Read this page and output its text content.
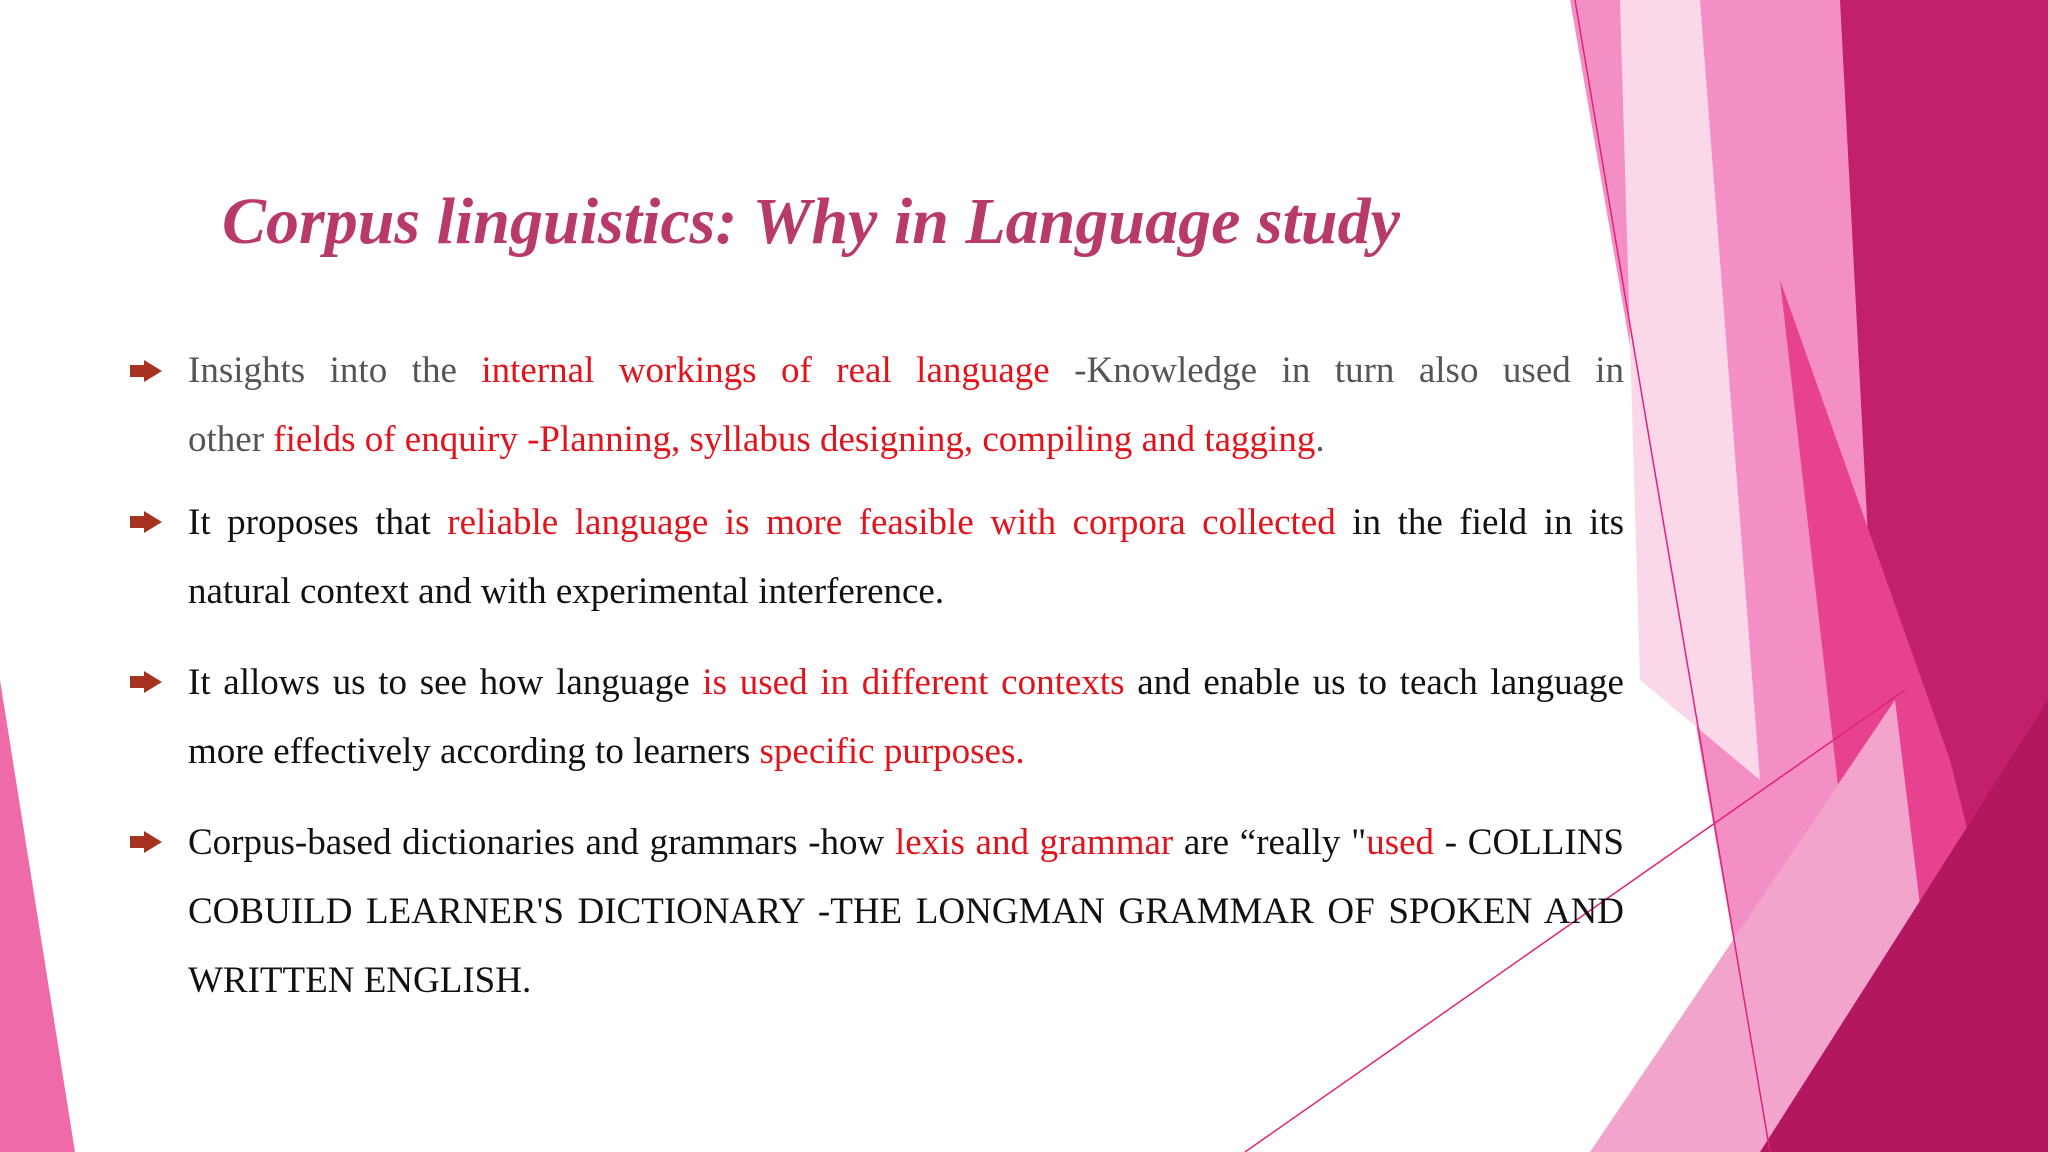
Corpus linguistics: Why in Language study
Insights into the internal workings of real language -Knowledge in turn also used in
other fields of enquiry -Planning, syllabus designing, compiling and tagging.
It proposes that reliable language is more feasible with corpora collected in the field in its natural context and with experimental interference.
It allows us to see how language is used in different contexts and enable us to teach language more effectively according to learners specific purposes.
Corpus-based dictionaries and grammars -how lexis and grammar are “really "used - COLLINS COBUILD LEARNER'S DICTIONARY -THE LONGMAN GRAMMAR OF SPOKEN AND WRITTEN ENGLISH.
